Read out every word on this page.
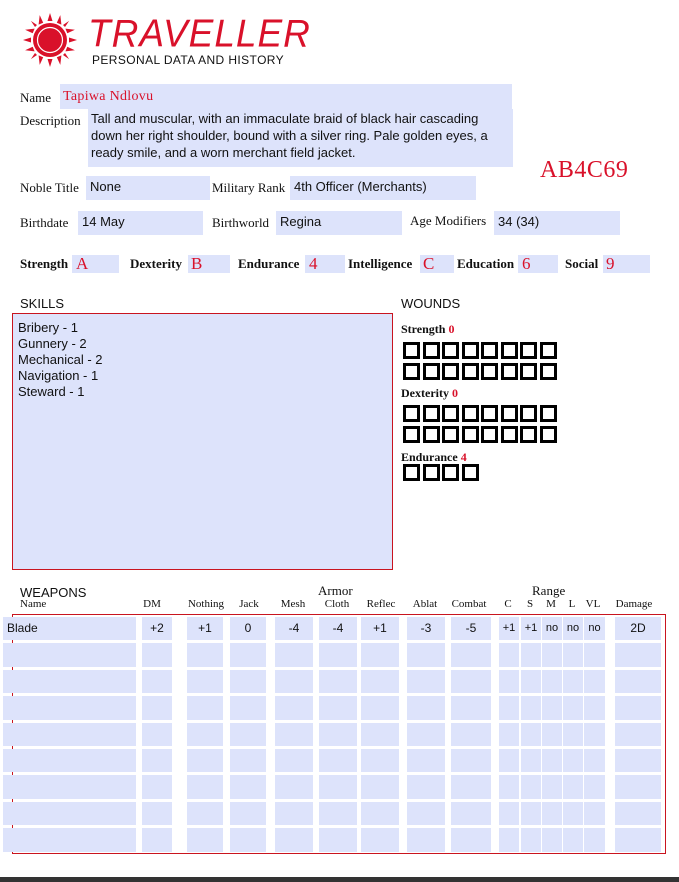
TRAVELLER
PERSONAL DATA AND HISTORY
Name Tapiwa Ndlovu
Description Tall and muscular, with an immaculate braid of black hair cascading down her right shoulder, bound with a silver ring. Pale golden eyes, a ready smile, and a worn merchant field jacket.
AB4C69
Noble Title None	Military Rank 4th Officer (Merchants)
Birthdate	14 May	Birthworld Regina	Age Modifiers 34 (34)
Strength A	Dexterity B	Endurance 4	Intelligence C	Education 6	Social 9
SKILLS
Bribery - 1
Gunnery - 2
Mechanical - 2
Navigation - 1
Steward - 1
WOUNDS
Strength 0
Dexterity 0
Endurance 4
WEAPONS	Armor	Range
Name	DM	Nothing	Jack	Mesh	Cloth	Reflec	Ablat	Combat	C	S	M	L VL	Damage
Blade	+2	+1	0	-4	-4	+1	-3	-5	+1 +1 no no no	2D
